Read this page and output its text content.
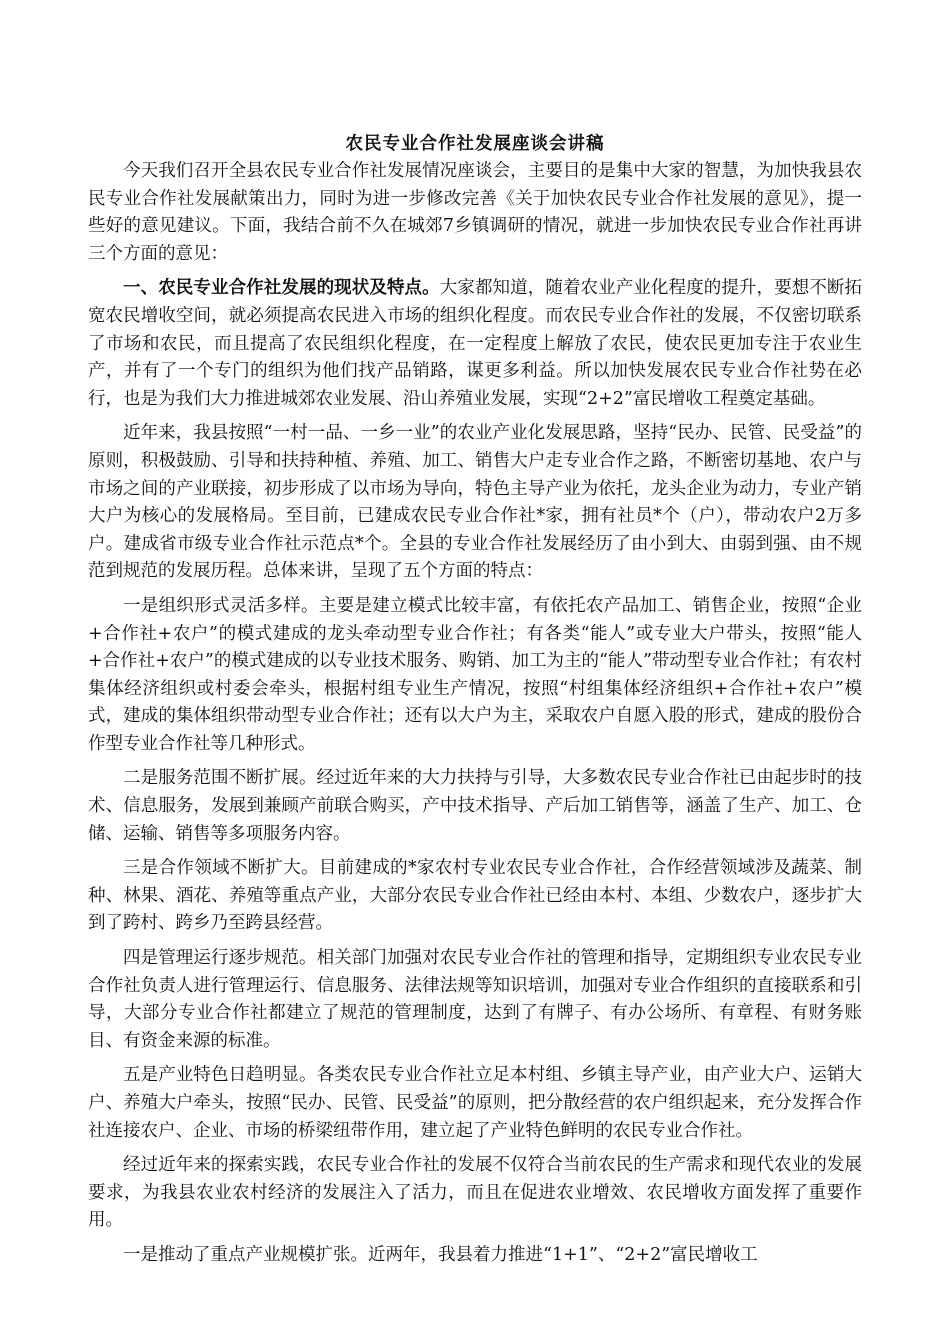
农民专业合作社发展座谈会讲稿

今天我们召开全县农民专业合作社发展情况座谈会，主要目的是集中大家的智慧，为加快我县农民专业合作社发展献策出力，同时为进一步修改完善《关于加快农民专业合作社发展的意见》，提一些好的意见建议。下面，我结合前不久在城郊7乡镇调研的情况，就进一步加快农民专业合作社再讲三个方面的意见：

一、农民专业合作社发展的现状及特点。大家都知道，随着农业产业化程度的提升，要想不断拓宽农民增收空间，就必须提高农民进入市场的组织化程度。而农民专业合作社的发展，不仅密切联系了市场和农民，而且提高了农民组织化程度，在一定程度上解放了农民，使农民更加专注于农业生产，并有了一个专门的组织为他们找产品销路，谋更多利益。所以加快发展农民专业合作社势在必行，也是为我们大力推进城郊农业发展、沿山养殖业发展，实现“2+2”富民增收工程奠定基础。

近年来，我县按照“一村一品、一乡一业”的农业产业化发展思路，坚持“民办、民管、民受益”的原则，积极鼓励、引导和扶持种植、养殖、加工、销售大户走专业合作之路，不断密切基地、农户与市场之间的产业联接，初步形成了以市场为导向，特色主导产业为依托，龙头企业为动力，专业产销大户为核心的发展格局。至目前，已建成农民专业合作社*家，拥有社员*个（户），带动农户2万多户。建成省市级专业合作社示范点*个。全县的专业合作社发展经历了由小到大、由弱到强、由不规范到规范的发展历程。总体来讲，呈现了五个方面的特点：

一是组织形式灵活多样。主要是建立模式比较丰富，有依托农产品加工、销售企业，按照“企业+合作社+农户”的模式建成的龙头牵动型专业合作社；有各类“能人”或专业大户带头，按照“能人+合作社+农户”的模式建成的以专业技术服务、购销、加工为主的“能人”带动型专业合作社；有农村集体经济组织或村委会牵头，根据村组专业生产情况，按照“村组集体经济组织+合作社+农户”模式，建成的集体组织带动型专业合作社；还有以大户为主，采取农户自愿入股的形式，建成的股份合作型专业合作社等几种形式。

二是服务范围不断扩展。经过近年来的大力扶持与引导，大多数农民专业合作社已由起步时的技术、信息服务，发展到兼顾产前联合购买，产中技术指导、产后加工销售等，涵盖了生产、加工、仓储、运输、销售等多项服务内容。

三是合作领域不断扩大。目前建成的*家农村专业农民专业合作社，合作经营领域涉及蔬菜、制种、林果、酒花、养殖等重点产业，大部分农民专业合作社已经由本村、本组、少数农户，逐步扩大到了跨村、跨乡乃至跨县经营。

四是管理运行逐步规范。相关部门加强对农民专业合作社的管理和指导，定期组织专业农民专业合作社负责人进行管理运行、信息服务、法律法规等知识培训，加强对专业合作组织的直接联系和引导，大部分专业合作社都建立了规范的管理制度，达到了有牌子、有办公场所、有章程、有财务账目、有资金来源的标准。

五是产业特色日趋明显。各类农民专业合作社立足本村组、乡镇主导产业，由产业大户、运销大户、养殖大户牵头，按照“民办、民管、民受益”的原则，把分散经营的农户组织起来，充分发挥合作社连接农户、企业、市场的桥梁纽带作用，建立起了产业特色鲜明的农民专业合作社。

经过近年来的探索实践，农民专业合作社的发展不仅符合当前农民的生产需求和现代农业的发展要求，为我县农业农村经济的发展注入了活力，而且在促进农业增效、农民增收方面发挥了重要作用。

一是推动了重点产业规模扩张。近两年，我县着力推进“1+1”、“2+2”富民增收工
